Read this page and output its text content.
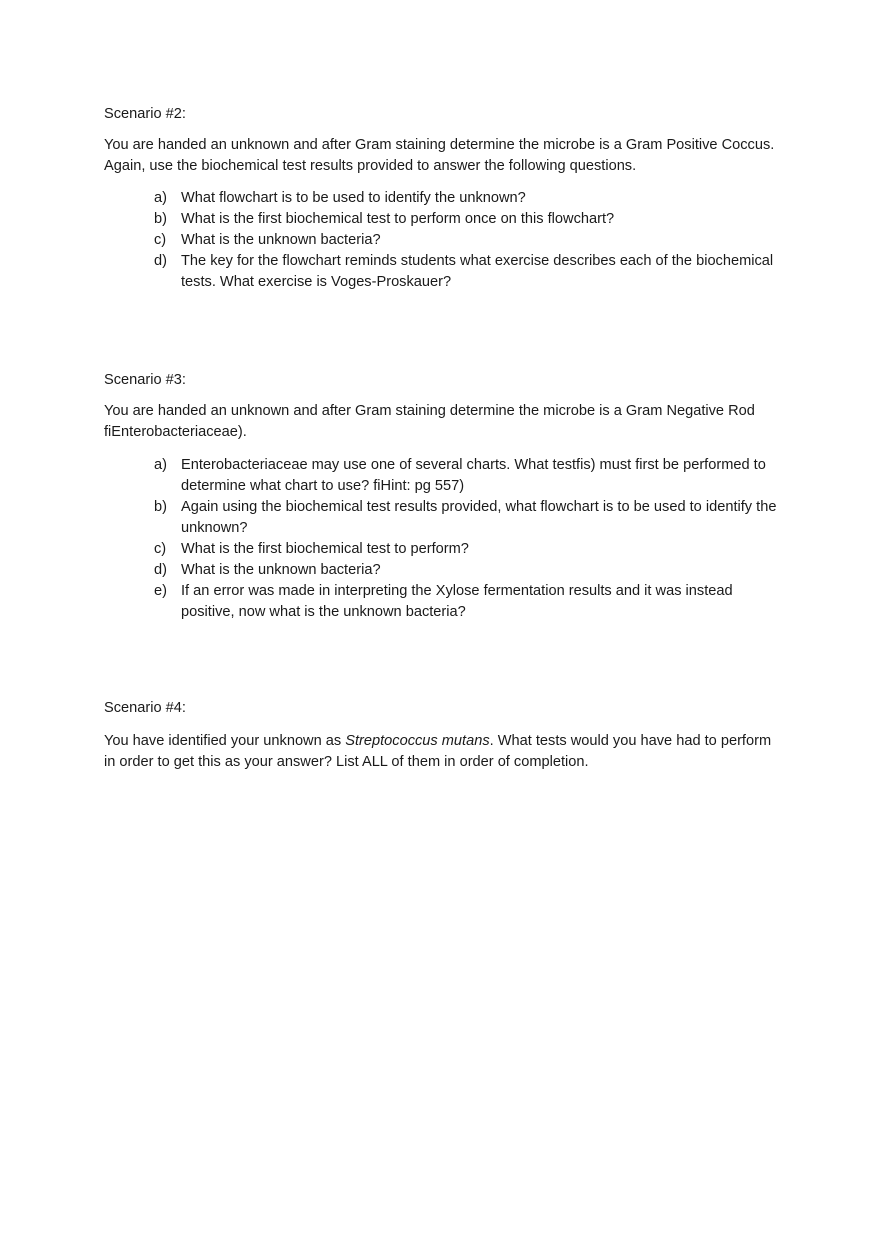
Scenario #2:

You are handed an unknown and after Gram staining determine the microbe is a Gram Positive Coccus. Again, use the biochemical test results provided to answer the following questions.

a) What flowchart is to be used to identify the unknown?
b) What is the first biochemical test to perform once on this flowchart?
c) What is the unknown bacteria?
d) The key for the flowchart reminds students what exercise describes each of the biochemical tests. What exercise is Voges-Proskauer?

Scenario #3:

You are handed an unknown and after Gram staining determine the microbe is a Gram Negative Rod fiEnterobacteriaceae).

a) Enterobacteriaceae may use one of several charts. What testfis) must first be performed to determine what chart to use? fiHint: pg 557)
b) Again using the biochemical test results provided, what flowchart is to be used to identify the unknown?
c) What is the first biochemical test to perform?
d) What is the unknown bacteria?
e) If an error was made in interpreting the Xylose fermentation results and it was instead positive, now what is the unknown bacteria?

Scenario #4:

You have identified your unknown as Streptococcus mutans. What tests would you have had to perform in order to get this as your answer? List ALL of them in order of completion.
